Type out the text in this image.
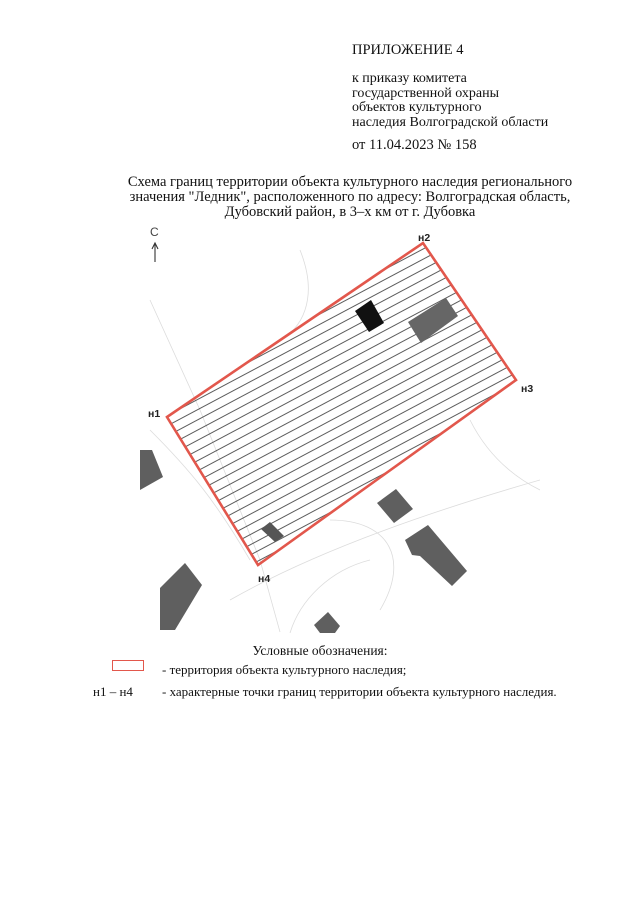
ПРИЛОЖЕНИЕ 4
к приказу комитета
государственной охраны
объектов культурного
наследия Волгоградской области
от 11.04.2023 № 158
Схема границ территории объекта культурного наследия регионального
значения "Ледник", расположенного по адресу: Волгоградская область,
Дубовский район, в 3–х км от г. Дубовка
С
н1
н2
н3
н4
Условные обозначения:
- территория объекта культурного наследия;
н1 – н4 - характерные точки границ территории объекта культурного наследия.
